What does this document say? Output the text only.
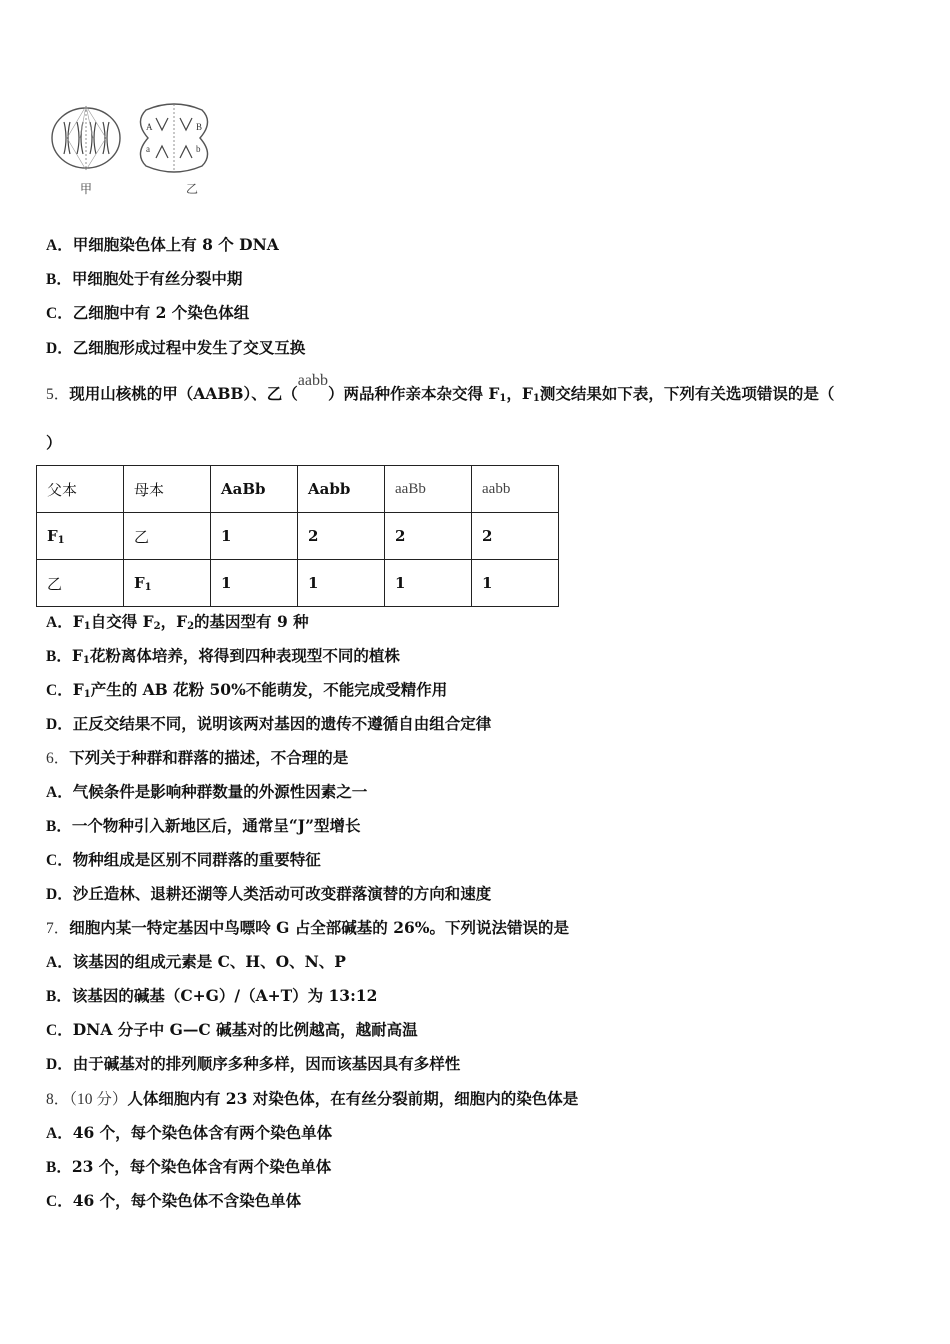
A	B
a	b
甲	乙
A．甲细胞染色体上有 8 个 DNA
B．甲细胞处于有丝分裂中期
C．乙细胞中有 2 个染色体组
D．乙细胞形成过程中发生了交叉互换
5．现用山核桃的甲（AABB）、乙（aabb）两品种作亲本杂交得 $F_1$，$F_1$测交结果如下表，下列有关选项错误的是（
）
父本	母本	AaBb	Aabb	aaBb	aabb
$F_1$	乙	1	2	2	2
乙	$F_1$	1	1	1	1
A．$F_1$自交得 $F_2$，$F_2$的基因型有 9 种
B．$F_1$花粉离体培养，将得到四种表现型不同的植株
C．$F_1$产生的 AB 花粉 50%不能萌发，不能完成受精作用
D．正反交结果不同，说明该两对基因的遗传不遵循自由组合定律
6．下列关于种群和群落的描述，不合理的是
A．气候条件是影响种群数量的外源性因素之一
B．一个物种引入新地区后，通常呈“J”型增长
C．物种组成是区别不同群落的重要特征
D．沙丘造林、退耕还湖等人类活动可改变群落演替的方向和速度
7．细胞内某一特定基因中鸟嘌呤 G 占全部碱基的 26%。下列说法错误的是
A．该基因的组成元素是 C、H、O、N、P
B．该基因的碱基（C+G）/（A+T）为 13:12
C．DNA 分子中 G—C 碱基对的比例越高，越耐高温
D．由于碱基对的排列顺序多种多样，因而该基因具有多样性
8．（10 分）人体细胞内有 23 对染色体，在有丝分裂前期，细胞内的染色体是
A．46 个，每个染色体含有两个染色单体
B．23 个，每个染色体含有两个染色单体
C．46 个，每个染色体不含染色单体
